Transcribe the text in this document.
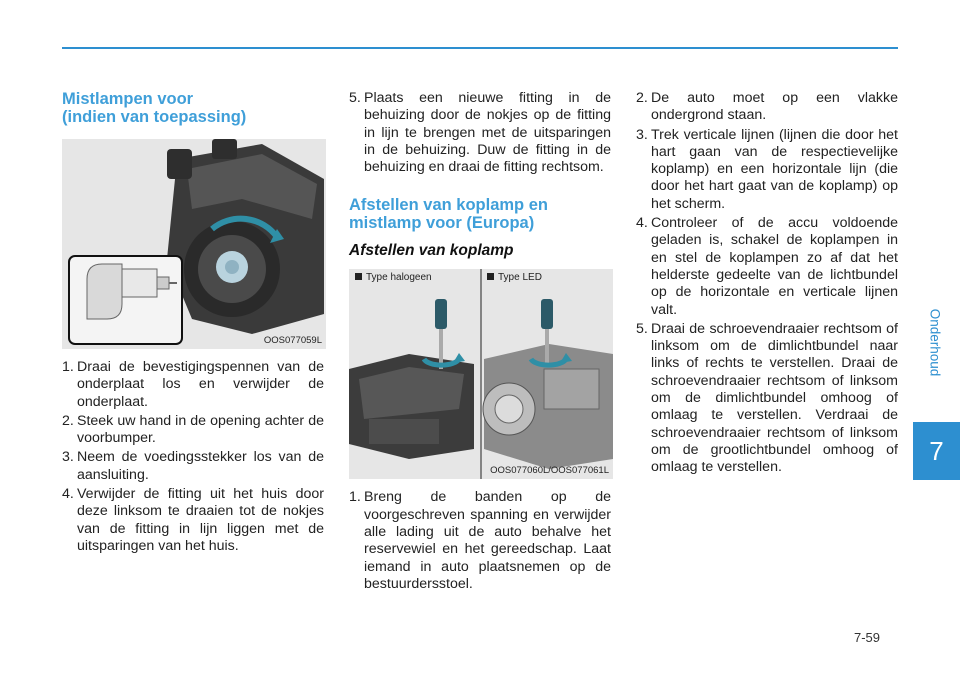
Mistlampen voor
(indien van toepassing)
OOS077059L
1. Draai de bevestigingspennen van de onderplaat los en verwijder de onderplaat.
2. Steek uw hand in de opening achter de voorbumper.
3. Neem de voedingsstekker los van de aansluiting.
4. Verwijder de fitting uit het huis door deze linksom te draaien tot de nokjes van de fitting in lijn liggen met de uitsparingen van het huis.
5. Plaats een nieuwe fitting in de behuizing door de nokjes op de fitting in lijn te brengen met de uitsparingen in de behuizing. Duw de fitting in de behuizing en draai de fitting rechtsom.
Afstellen van koplamp en
mistlamp voor (Europa)
Afstellen van koplamp
Type halogeen	Type LED
OOS077060L/OOS077061L
1. Breng de banden op de voorgeschreven spanning en verwijder alle lading uit de auto behalve het reservewiel en het gereedschap. Laat iemand in auto plaatsnemen op de bestuurdersstoel.
2. De auto moet op een vlakke ondergrond staan.
3. Trek verticale lijnen (lijnen die door het hart gaan van de respectievelijke koplamp) en een horizontale lijn (die door het hart gaat van de koplamp) op het scherm.
4. Controleer of de accu voldoende geladen is, schakel de koplampen in en stel de koplampen zo af dat het helderste gedeelte van de lichtbundel op de horizontale en verticale lijnen valt.
5. Draai de schroevendraaier rechtsom of linksom om de dimlichtbundel naar links of rechts te verstellen. Draai de schroevendraaier rechtsom of linksom om de dimlichtbundel omhoog of omlaag te verstellen. Verdraai de schroevendraaier rechtsom of linksom om de grootlichtbundel omhoog of omlaag te verstellen.
Onderhoud
7
7-59
